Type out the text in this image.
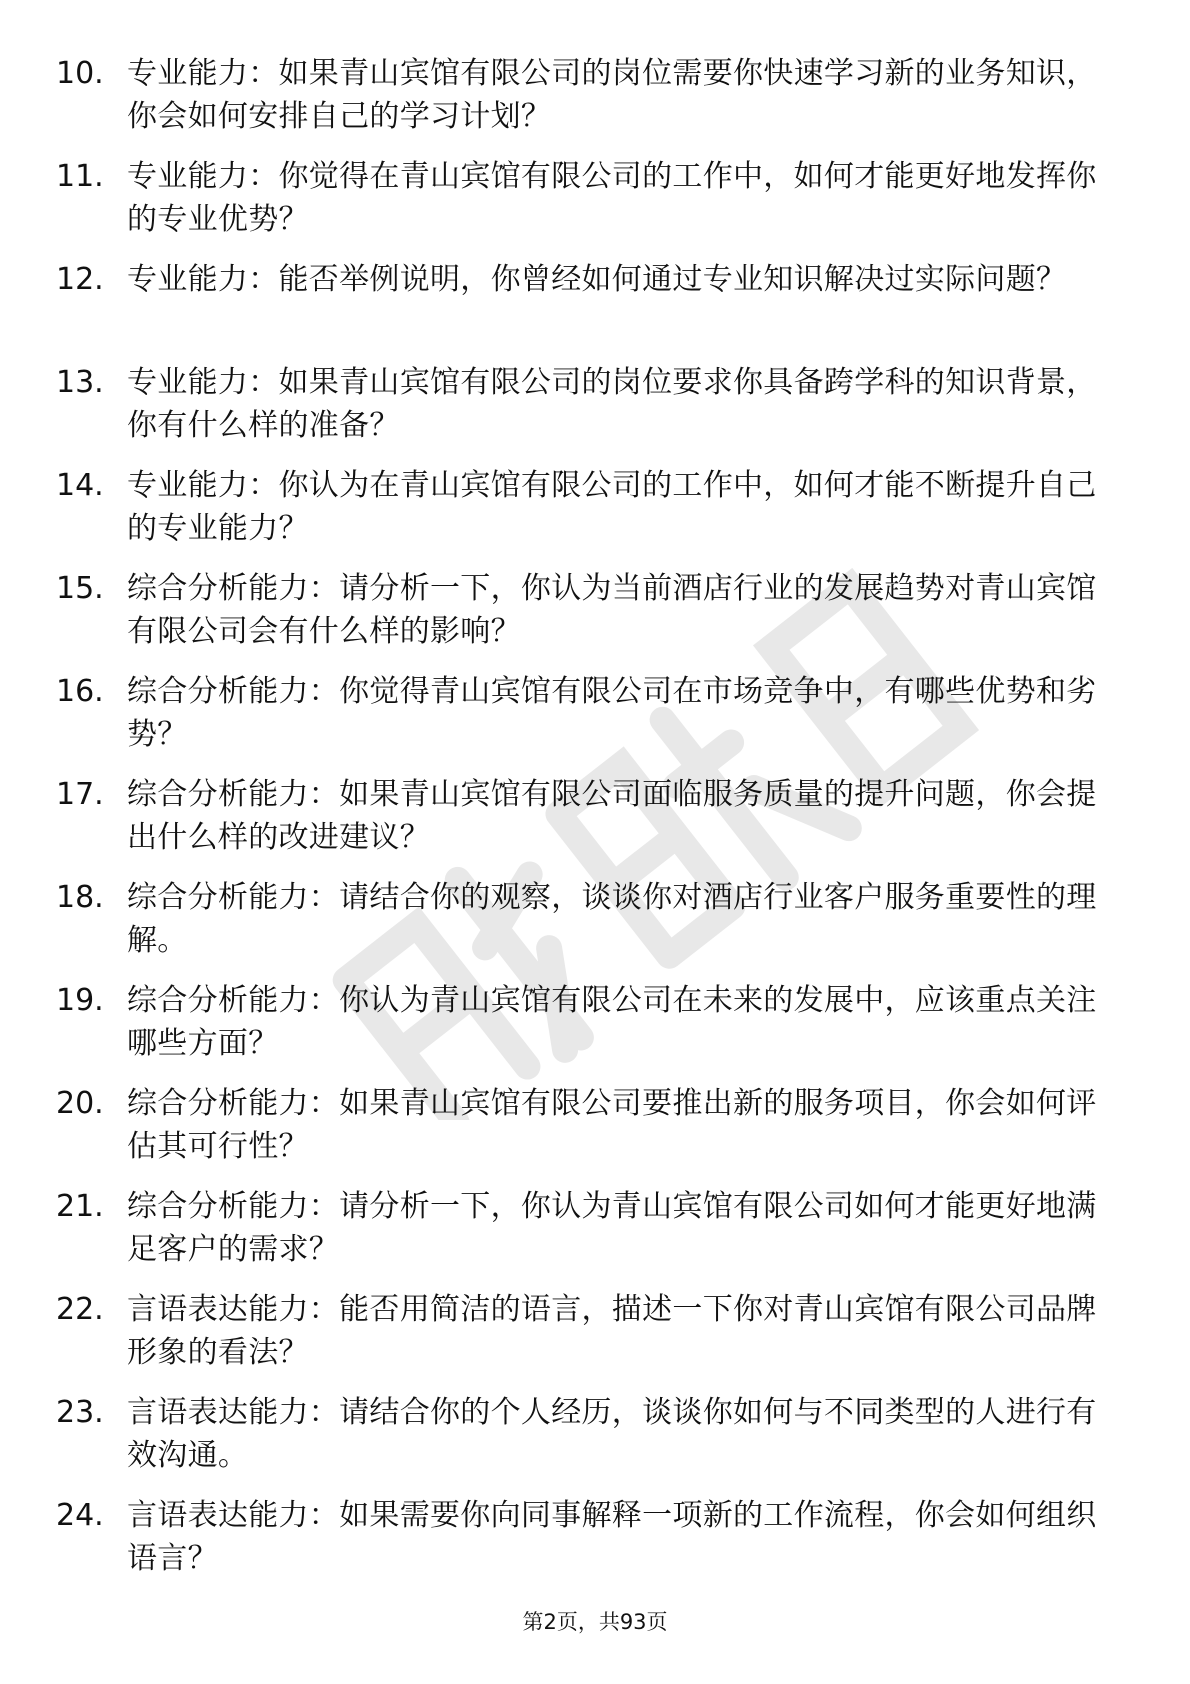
10. 专业能力：如果青山宾馆有限公司的岗位需要你快速学习新的业务知识，你会如何安排自己的学习计划？
11. 专业能力：你觉得在青山宾馆有限公司的工作中，如何才能更好地发挥你的专业优势？
12. 专业能力：能否举例说明，你曾经如何通过专业知识解决过实际问题？
13. 专业能力：如果青山宾馆有限公司的岗位要求你具备跨学科的知识背景，你有什么样的准备？
14. 专业能力：你认为在青山宾馆有限公司的工作中，如何才能不断提升自己的专业能力？
15. 综合分析能力：请分析一下，你认为当前酒店行业的发展趋势对青山宾馆有限公司会有什么样的影响？
16. 综合分析能力：你觉得青山宾馆有限公司在市场竞争中，有哪些优势和劣势？
17. 综合分析能力：如果青山宾馆有限公司面临服务质量的提升问题，你会提出什么样的改进建议？
18. 综合分析能力：请结合你的观察，谈谈你对酒店行业客户服务重要性的理解。
19. 综合分析能力：你认为青山宾馆有限公司在未来的发展中，应该重点关注哪些方面？
20. 综合分析能力：如果青山宾馆有限公司要推出新的服务项目，你会如何评估其可行性？
21. 综合分析能力：请分析一下，你认为青山宾馆有限公司如何才能更好地满足客户的需求？
22. 言语表达能力：能否用简洁的语言，描述一下你对青山宾馆有限公司品牌形象的看法？
23. 言语表达能力：请结合你的个人经历，谈谈你如何与不同类型的人进行有效沟通。
24. 言语表达能力：如果需要你向同事解释一项新的工作流程，你会如何组织语言？
第2页，共93页
